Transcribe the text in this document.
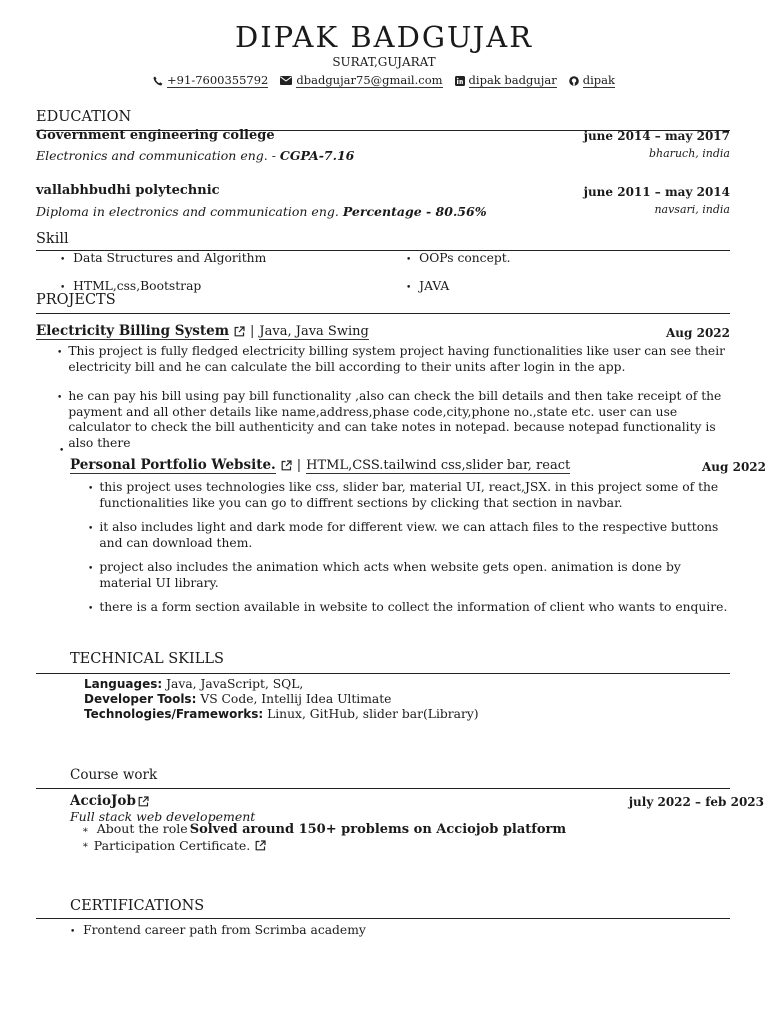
DIPAK BADGUJAR
SURAT,GUJARAT
+91-7600355792 dbadgujar75@gmail.com dipak badgujar dipak
EDUCATION
Government engineering college	june 2014 – may 2017
Electronics and communication eng. - CGPA-7.16	bharuch, india
vallabhbudhi polytechnic	june 2011 – may 2014
Diploma in electronics and communication eng. Percentage - 80.56%	navsari, india
Skill
• Data Structures and Algorithm	• OOPs concept.
• HTML,css,Bootstrap	• JAVA
PROJECTS
Electricity Billing System | Java, Java Swing	Aug 2022
• This project is fully fledged electricity billing system project having functionalities like user can see their electricity bill and he can calculate the bill according to their units after login in the app.
• he can pay his bill using pay bill functionality ,also can check the bill details and then take receipt of the payment and all other details like name,address,phase code,city,phone no.,state etc. user can use calculator to check the bill authenticity and can take notes in notepad. because notepad functionality is also there
•
Personal Portfolio Website. | HTML,CSS.tailwind css,slider bar, react	Aug 2022
• this project uses technologies like css, slider bar, material UI, react,JSX. in this project some of the functionalities like you can go to diffrent sections by clicking that section in navbar.
• it also includes light and dark mode for different view. we can attach files to the respective buttons and can download them.
• project also includes the animation which acts when website gets open. animation is done by material UI library.
• there is a form section available in website to collect the information of client who wants to enquire.
TECHNICAL SKILLS
Languages: Java, JavaScript, SQL,
Developer Tools: VS Code, Intellij Idea Ultimate
Technologies/Frameworks: Linux, GitHub, slider bar(Library)
Course work
AccioJob	july 2022 – feb 2023
Full stack web developement
∗ About the role Solved around 150+ problems on Acciojob platform
∗ Participation Certificate.
CERTIFICATIONS
• Frontend career path from Scrimba academy
